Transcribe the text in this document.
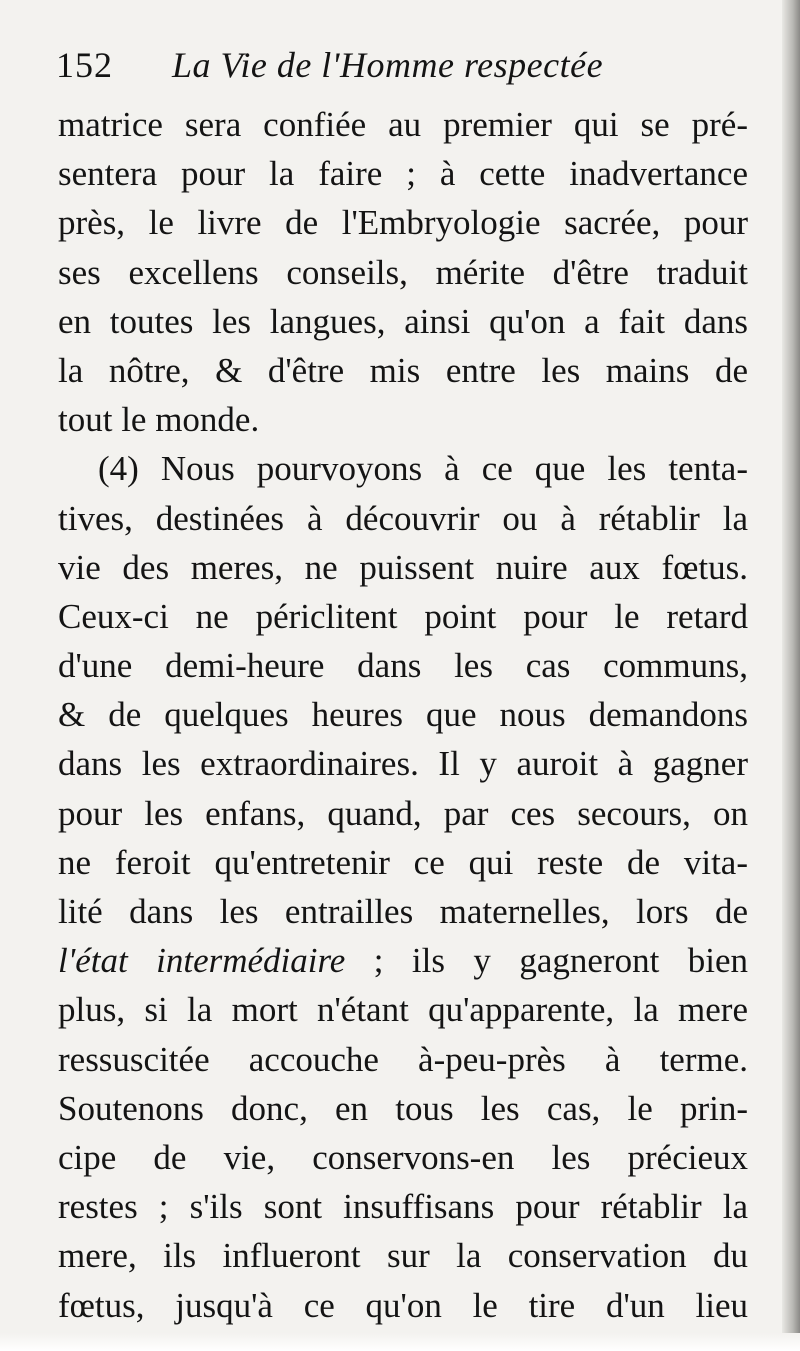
152 La Vie de l'Homme respectée
matrice sera confiée au premier qui se pré-
sentera pour la faire ; à cette inadvertance
près, le livre de l'Embryologie sacrée, pour
ses excellens conseils, mérite d'être traduit
en toutes les langues, ainsi qu'on a fait dans
la nôtre, & d'être mis entre les mains de
tout le monde.
(4) Nous pourvoyons à ce que les tenta-
tives, destinées à découvrir ou à rétablir la
vie des meres, ne puissent nuire aux fœtus.
Ceux-ci ne périclitent point pour le retard
d'une demi-heure dans les cas communs,
& de quelques heures que nous demandons
dans les extraordinaires. Il y auroit à gagner
pour les enfans, quand, par ces secours, on
ne feroit qu'entretenir ce qui reste de vita-
lité dans les entrailles maternelles, lors de
l'état intermédiaire ; ils y gagneront bien
plus, si la mort n'étant qu'apparente, la mere
ressuscitée accouche à-peu-près à terme.
Soutenons donc, en tous les cas, le prin-
cipe de vie, conservons-en les précieux
restes ; s'ils sont insuffisans pour rétablir la
mere, ils influeront sur la conservation du
fœtus, jusqu'à ce qu'on le tire d'un lieu
